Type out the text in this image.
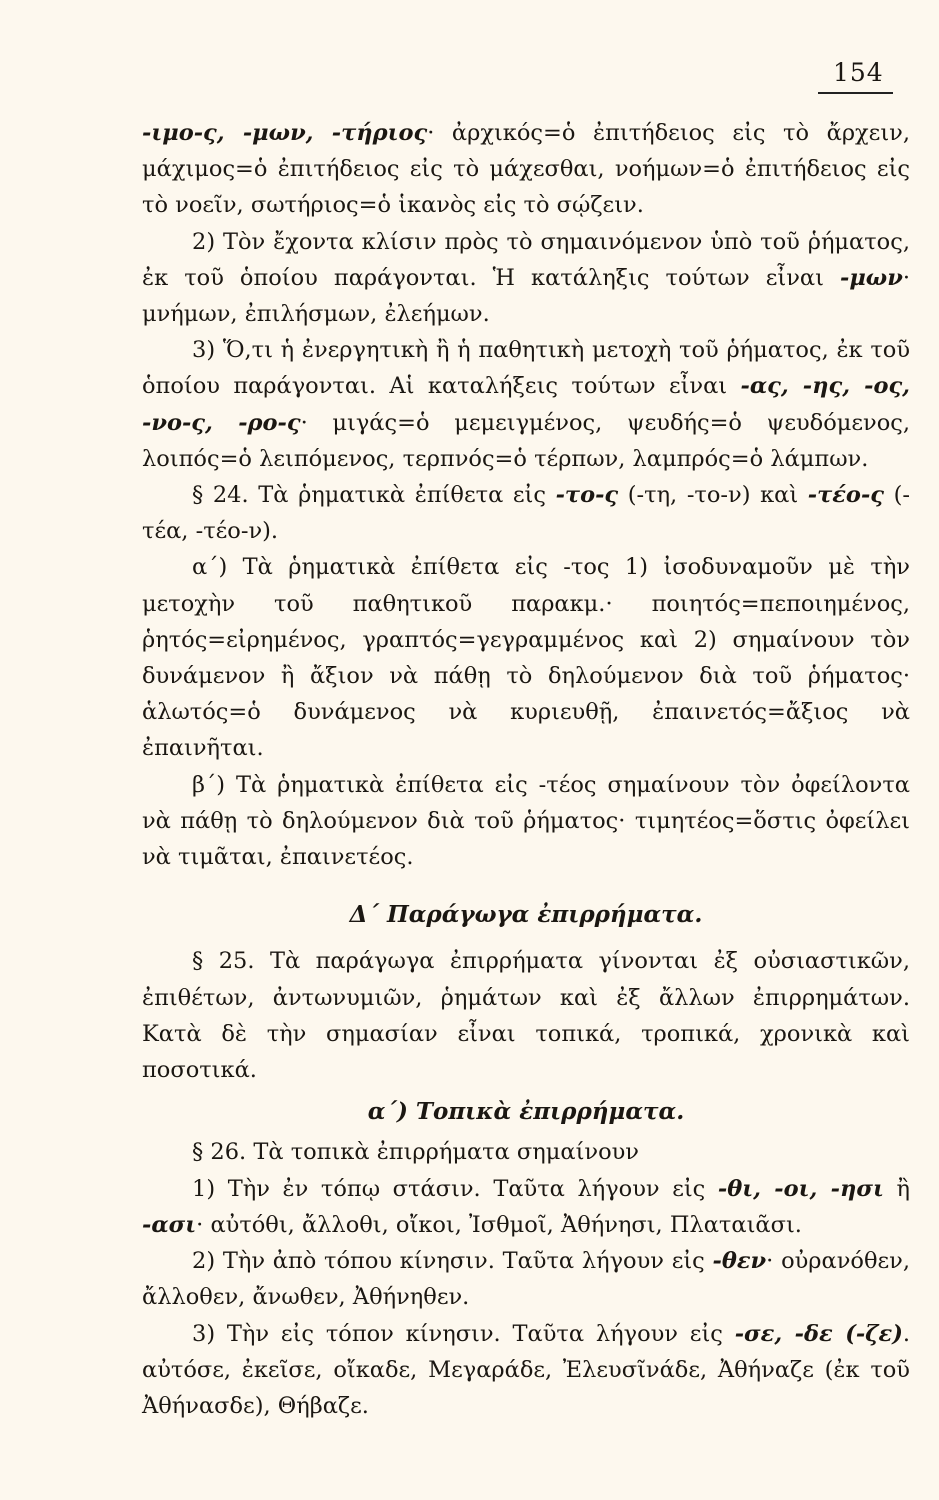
154

-ιμο-ς, -μων, -τήριος· ἀρχικός=ὁ ἐπιτήδειος εἰς τὸ ἄρχειν, μάχιμος=ὁ ἐπιτήδειος εἰς τὸ μάχεσθαι, νοήμων=ὁ ἐπιτήδειος εἰς τὸ νοεῖν, σωτήριος=ὁ ἱκανὸς εἰς τὸ σῴζειν.

2) Τὸν ἔχοντα κλίσιν πρὸς τὸ σημαινόμενον ὑπὸ τοῦ ῥήματος, ἐκ τοῦ ὁποίου παράγονται. Ἡ κατάληξις τούτων εἶναι -μων· μνήμων, ἐπιλήσμων, ἐλεήμων.

3) Ὅ,τι ἡ ἐνεργητικὴ ἢ ἡ παθητικὴ μετοχὴ τοῦ ῥήματος, ἐκ τοῦ ὁποίου παράγονται. Αἱ καταλήξεις τούτων εἶναι -ας, -ης, -ος, -νο-ς, -ρο-ς· μιγάς=ὁ μεμειγμένος, ψευδής=ὁ ψευδόμενος, λοιπός=ὁ λειπόμενος, τερπνός=ὁ τέρπων, λαμπρός=ὁ λάμπων.

§ 24. Τὰ ῥηματικὰ ἐπίθετα εἰς -το-ς (-τη, -το-ν) καὶ -τέο-ς (-τέα, -τέο-ν).

α΄) Τὰ ῥηματικὰ ἐπίθετα εἰς -τος 1) ἰσοδυναμοῦν μὲ τὴν μετοχὴν τοῦ παθητικοῦ παρακμ.· ποιητός=πεποιημένος, ῥητός=εἰρημένος, γραπτός=γεγραμμένος καὶ 2) σημαίνουν τὸν δυνάμενον ἢ ἄξιον νὰ πάθῃ τὸ δηλούμενον διὰ τοῦ ῥήματος· ἁλωτός=ὁ δυνάμενος νὰ κυριευθῇ, ἐπαινετός=ἄξιος νὰ ἐπαινῆται.

β΄) Τὰ ῥηματικὰ ἐπίθετα εἰς -τέος σημαίνουν τὸν ὀφείλοντα νὰ πάθῃ τὸ δηλούμενον διὰ τοῦ ῥήματος· τιμητέος=ὅστις ὀφείλει νὰ τιμᾶται, ἐπαινετέος.

Δ΄ Παράγωγα ἐπιρρήματα.

§ 25. Τὰ παράγωγα ἐπιρρήματα γίνονται ἐξ οὐσιαστικῶν, ἐπιθέτων, ἀντωνυμιῶν, ῥημάτων καὶ ἐξ ἄλλων ἐπιρρημάτων. Κατὰ δὲ τὴν σημασίαν εἶναι τοπικά, τροπικά, χρονικὰ καὶ ποσοτικά.

α΄) Τοπικὰ ἐπιρρήματα.

§ 26. Τὰ τοπικὰ ἐπιρρήματα σημαίνουν

1) Τὴν ἐν τόπῳ στάσιν. Ταῦτα λήγουν εἰς -θι, -οι, -ησι ἢ -ασι· αὐτόθι, ἄλλοθι, οἴκοι, Ἰσθμοῖ, Ἀθήνησι, Πλαταιᾶσι.

2) Τὴν ἀπὸ τόπου κίνησιν. Ταῦτα λήγουν εἰς -θεν· οὐρανόθεν, ἄλλοθεν, ἄνωθεν, Ἀθήνηθεν.

3) Τὴν εἰς τόπον κίνησιν. Ταῦτα λήγουν εἰς -σε, -δε (-ζε). αὐτόσε, ἐκεῖσε, οἴκαδε, Μεγαράδε, Ἐλευσῖνάδε, Ἀθήναζε (ἐκ τοῦ Ἀθήνασδε), Θήβαζε.
